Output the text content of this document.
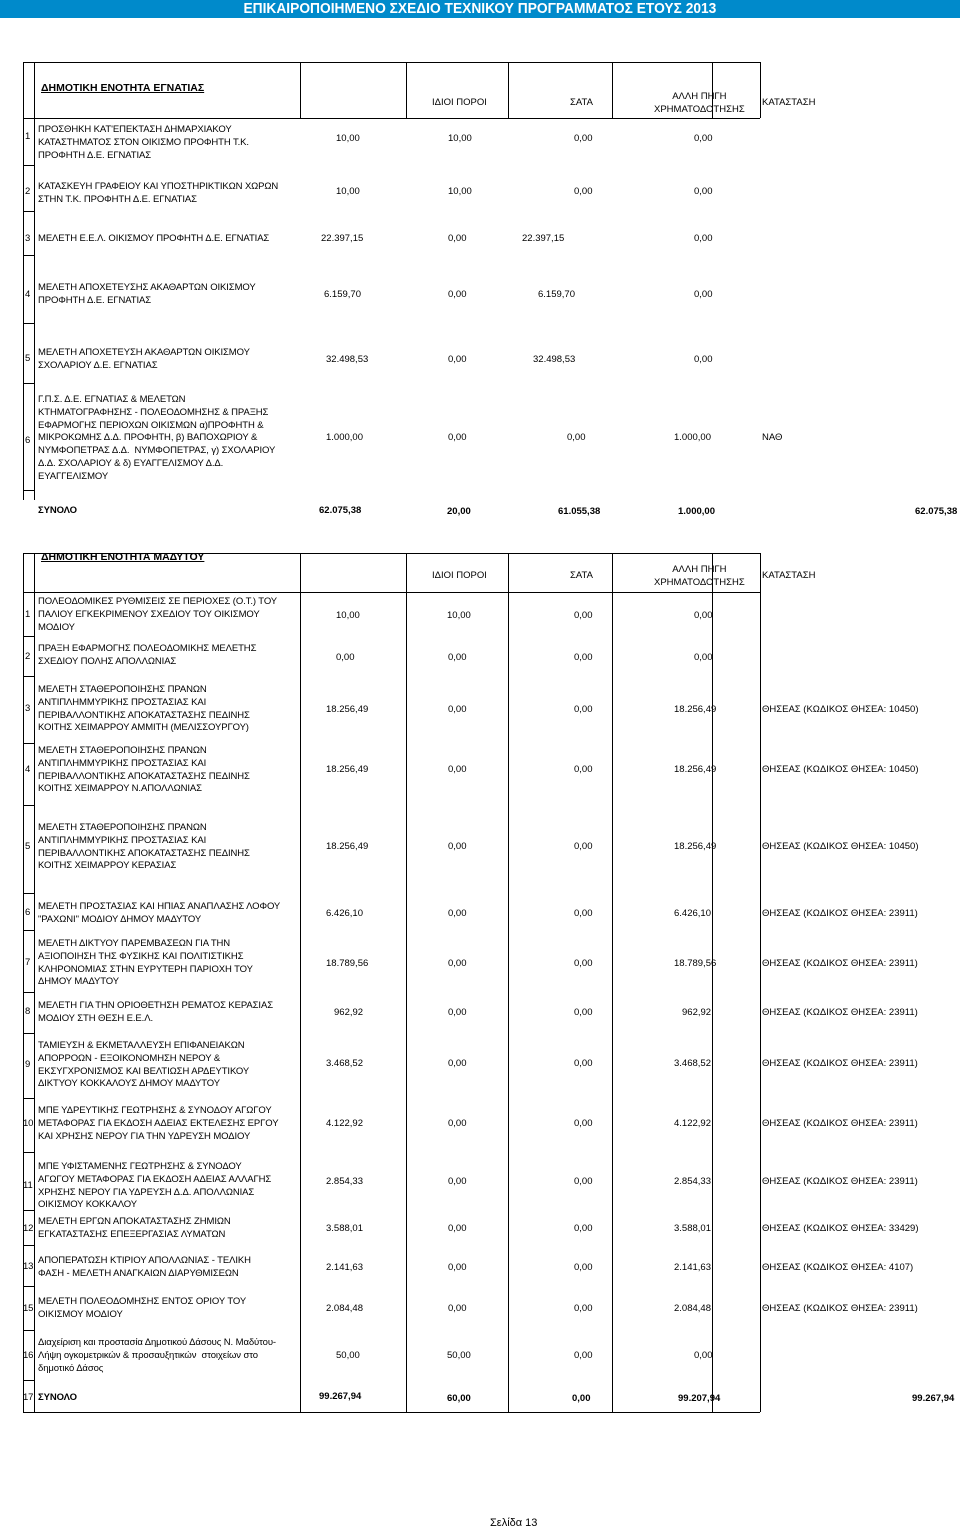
ΕΠΙΚΑΙΡΟΠΟΙΗΜΕΝΟ ΣΧΕΔΙΟ ΤΕΧΝΙΚΟΥ ΠΡΟΓΡΑΜΜΑΤΟΣ ΕΤΟΥΣ 2013
ΔΗΜΟΤΙΚΗ ΕΝΟΤΗΤΑ ΕΓΝΑΤΙΑΣ
ΙΔΙΟΙ ΠΟΡΟΙ	ΣΑΤΑ
ΑΛΛΗ ΠΗΓΗ
ΧΡΗΜΑΤΟΔΟΤΗΣΗΣ
ΚΑΤΑΣΤΑΣΗ
1
ΠΡΟΣΘΗΚΗ ΚΑΤ'ΕΠΕΚΤΑΣΗ ΔΗΜΑΡΧΙΑΚΟΥ
ΚΑΤΑΣΤΗΜΑΤΟΣ ΣΤΟΝ ΟΙΚΙΣΜΟ ΠΡΟΦΗΤΗ Τ.Κ.
ΠΡΟΦΗΤΗ Δ.Ε. ΕΓΝΑΤΙΑΣ
10,00	10,00	0,00	0,00
2 ΚΑΤΑΣΚΕΥΗ ΓΡΑΦΕΙΟΥ ΚΑΙ ΥΠΟΣΤΗΡΙΚΤΙΚΩΝ ΧΩΡΩΝ
ΣΤΗΝ Τ.Κ. ΠΡΟΦΗΤΗ Δ.Ε. ΕΓΝΑΤΙΑΣ
10,00	10,00	0,00	0,00
3 ΜΕΛΕΤΗ Ε.Ε.Λ. ΟΙΚΙΣΜΟΥ ΠΡΟΦΗΤΗ Δ.Ε. ΕΓΝΑΤΙΑΣ	22.397,15	0,00	22.397,15	0,00
4
ΜΕΛΕΤΗ ΑΠΟΧΕΤΕΥΣΗΣ ΑΚΑΘΑΡΤΩΝ ΟΙΚΙΣΜΟΥ
ΠΡΟΦΗΤΗ Δ.Ε. ΕΓΝΑΤΙΑΣ
6.159,70	0,00	6.159,70	0,00
5
ΜΕΛΕΤΗ ΑΠΟΧΕΤΕΥΣΗ ΑΚΑΘΑΡΤΩΝ ΟΙΚΙΣΜΟΥ
ΣΧΟΛΑΡΙΟΥ Δ.Ε. ΕΓΝΑΤΙΑΣ
32.498,53	0,00	32.498,53	0,00
6
Γ.Π.Σ. Δ.Ε. ΕΓΝΑΤΙΑΣ & ΜΕΛΕΤΩΝ
ΚΤΗΜΑΤΟΓΡΑΦΗΣΗΣ - ΠΟΛΕΟΔΟΜΗΣΗΣ & ΠΡΑΞΗΣ
ΕΦΑΡΜΟΓΗΣ ΠΕΡΙΟΧΩΝ ΟΙΚΙΣΜΩΝ α)ΠΡΟΦΗΤΗ &
ΜΙΚΡΟΚΩΜΗΣ Δ.Δ. ΠΡΟΦΗΤΗ, β) ΒΑΠΟΧΩΡΙΟΥ &
ΝΥΜΦΟΠΕΤΡΑΣ Δ.Δ.  ΝΥΜΦΟΠΕΤΡΑΣ, γ) ΣΧΟΛΑΡΙΟΥ
Δ.Δ. ΣΧΟΛΑΡΙΟΥ & δ) ΕΥΑΓΓΕΛΙΣΜΟΥ Δ.Δ.
ΕΥΑΓΓΕΛΙΣΜΟΥ
1.000,00	0,00	0,00	1.000,00	ΝΑΘ
ΣΥΝΟΛΟ	62.075,38	20,00	61.055,38	1.000,00	62.075,38
ΔΗΜΟΤΙΚΗ ΕΝΟΤΗΤΑ ΜΑΔΥΤΟΥ
ΙΔΙΟΙ ΠΟΡΟΙ	ΣΑΤΑ
ΑΛΛΗ ΠΗΓΗ
ΧΡΗΜΑΤΟΔΟΤΗΣΗΣ
ΚΑΤΑΣΤΑΣΗ
1
ΠΟΛΕΟΔΟΜΙΚΕΣ ΡΥΘΜΙΣΕΙΣ ΣΕ ΠΕΡΙΟΧΕΣ (Ο.Τ.) ΤΟΥ
ΠΑΛΙΟΥ ΕΓΚΕΚΡΙΜΕΝΟΥ ΣΧΕΔΙΟΥ ΤΟΥ ΟΙΚΙΣΜΟΥ
ΜΟΔΙΟΥ
10,00	10,00	0,00	0,00
2
ΠΡΑΞΗ ΕΦΑΡΜΟΓΗΣ ΠΟΛΕΟΔΟΜΙΚΗΣ ΜΕΛΕΤΗΣ
ΣΧΕΔΙΟΥ ΠΟΛΗΣ ΑΠΟΛΛΩΝΙΑΣ	0,00	0,00	0,00	0,00
3
ΜΕΛΕΤΗ ΣΤΑΘΕΡΟΠΟΙΗΣΗΣ ΠΡΑΝΩΝ
ΑΝΤΙΠΛΗΜΜΥΡΙΚΗΣ ΠΡΟΣΤΑΣΙΑΣ ΚΑΙ
ΠΕΡΙΒΑΛΛΟΝΤΙΚΗΣ ΑΠΟΚΑΤΑΣΤΑΣΗΣ ΠΕΔΙΝΗΣ
ΚΟΙΤΗΣ ΧΕΙΜΑΡΡΟΥ ΑΜΜΙΤΗ (ΜΕΛΙΣΣΟΥΡΓΟΥ)
18.256,49	0,00	0,00	18.256,49	ΘΗΣΕΑΣ (ΚΩΔΙΚΟΣ ΘΗΣΕΑ: 10450)
4
ΜΕΛΕΤΗ ΣΤΑΘΕΡΟΠΟΙΗΣΗΣ ΠΡΑΝΩΝ
ΑΝΤΙΠΛΗΜΜΥΡΙΚΗΣ ΠΡΟΣΤΑΣΙΑΣ ΚΑΙ
ΠΕΡΙΒΑΛΛΟΝΤΙΚΗΣ ΑΠΟΚΑΤΑΣΤΑΣΗΣ ΠΕΔΙΝΗΣ
ΚΟΙΤΗΣ ΧΕΙΜΑΡΡΟΥ Ν.ΑΠΟΛΛΩΝΙΑΣ
18.256,49	0,00	0,00	18.256,49	ΘΗΣΕΑΣ (ΚΩΔΙΚΟΣ ΘΗΣΕΑ: 10450)
5
ΜΕΛΕΤΗ ΣΤΑΘΕΡΟΠΟΙΗΣΗΣ ΠΡΑΝΩΝ
ΑΝΤΙΠΛΗΜΜΥΡΙΚΗΣ ΠΡΟΣΤΑΣΙΑΣ ΚΑΙ
ΠΕΡΙΒΑΛΛΟΝΤΙΚΗΣ ΑΠΟΚΑΤΑΣΤΑΣΗΣ ΠΕΔΙΝΗΣ
ΚΟΙΤΗΣ ΧΕΙΜΑΡΡΟΥ ΚΕΡΑΣΙΑΣ
18.256,49	0,00	0,00	18.256,49	ΘΗΣΕΑΣ (ΚΩΔΙΚΟΣ ΘΗΣΕΑ: 10450)
6
ΜΕΛΕΤΗ ΠΡΟΣΤΑΣΙΑΣ ΚΑΙ ΗΠΙΑΣ ΑΝΑΠΛΑΣΗΣ ΛΟΦΟΥ
"ΡΑΧΩΝΙ" ΜΟΔΙΟΥ ΔΗΜΟΥ ΜΑΔΥΤΟΥ
6.426,10	0,00	0,00	6.426,10	ΘΗΣΕΑΣ (ΚΩΔΙΚΟΣ ΘΗΣΕΑ: 23911)
7
ΜΕΛΕΤΗ ΔΙΚΤΥΟΥ ΠΑΡΕΜΒΑΣΕΩΝ ΓΙΑ ΤΗΝ
ΑΞΙΟΠΟΙΗΣΗ ΤΗΣ ΦΥΣΙΚΗΣ ΚΑΙ ΠΟΛΙΤΙΣΤΙΚΗΣ
ΚΛΗΡΟΝΟΜΙΑΣ ΣΤΗΝ ΕΥΡΥΤΕΡΗ ΠΑΡΙΟΧΗ ΤΟΥ
ΔΗΜΟΥ ΜΑΔΥΤΟΥ
18.789,56	0,00	0,00	18.789,56	ΘΗΣΕΑΣ (ΚΩΔΙΚΟΣ ΘΗΣΕΑ: 23911)
8
ΜΕΛΕΤΗ ΓΙΑ ΤΗΝ ΟΡΙΟΘΕΤΗΣΗ ΡΕΜΑΤΟΣ ΚΕΡΑΣΙΑΣ
ΜΟΔΙΟΥ ΣΤΗ ΘΕΣΗ Ε.Ε.Λ.
962,92	0,00	0,00	962,92	ΘΗΣΕΑΣ (ΚΩΔΙΚΟΣ ΘΗΣΕΑ: 23911)
9
ΤΑΜΙΕΥΣΗ & ΕΚΜΕΤΑΛΛΕΥΣΗ ΕΠΙΦΑΝΕΙΑΚΩΝ
ΑΠΟΡΡΟΩΝ - ΕΞΟΙΚΟΝΟΜΗΣΗ ΝΕΡΟΥ &
ΕΚΣΥΓΧΡΟΝΙΣΜΟΣ ΚΑΙ ΒΕΛΤΙΩΣΗ ΑΡΔΕΥΤΙΚΟΥ
ΔΙΚΤΥΟΥ ΚΟΚΚΑΛΟΥΣ ΔΗΜΟΥ ΜΑΔΥΤΟΥ
3.468,52	0,00	0,00	3.468,52	ΘΗΣΕΑΣ (ΚΩΔΙΚΟΣ ΘΗΣΕΑ: 23911)
10
ΜΠΕ ΥΔΡΕΥΤΙΚΗΣ ΓΕΩΤΡΗΣΗΣ & ΣΥΝΟΔΟΥ ΑΓΩΓΟΥ
ΜΕΤΑΦΟΡΑΣ ΓΙΑ ΕΚΔΟΣΗ ΑΔΕΙΑΣ ΕΚΤΕΛΕΣΗΣ ΕΡΓΟΥ
ΚΑΙ ΧΡΗΣΗΣ ΝΕΡΟΥ ΓΙΑ ΤΗΝ ΥΔΡΕΥΣΗ ΜΟΔΙΟΥ
4.122,92	0,00	0,00	4.122,92	ΘΗΣΕΑΣ (ΚΩΔΙΚΟΣ ΘΗΣΕΑ: 23911)
11
ΜΠΕ ΥΦΙΣΤΑΜΕΝΗΣ ΓΕΩΤΡΗΣΗΣ & ΣΥΝΟΔΟΥ
ΑΓΩΓΟΥ ΜΕΤΑΦΟΡΑΣ ΓΙΑ ΕΚΔΟΣΗ ΑΔΕΙΑΣ ΑΛΛΑΓΗΣ
ΧΡΗΣΗΣ ΝΕΡΟΥ ΓΙΑ ΥΔΡΕΥΣΗ Δ.Δ. ΑΠΟΛΛΩΝΙΑΣ
ΟΙΚΙΣΜΟΥ ΚΟΚΚΑΛΟΥ
2.854,33	0,00	0,00	2.854,33	ΘΗΣΕΑΣ (ΚΩΔΙΚΟΣ ΘΗΣΕΑ: 23911)
12
ΜΕΛΕΤΗ ΕΡΓΩΝ ΑΠΟΚΑΤΑΣΤΑΣΗΣ ΖΗΜΙΩΝ
ΕΓΚΑΤΑΣΤΑΣΗΣ ΕΠΕΞΕΡΓΑΣΙΑΣ ΛΥΜΑΤΩΝ
3.588,01	0,00	0,00	3.588,01	ΘΗΣΕΑΣ (ΚΩΔΙΚΟΣ ΘΗΣΕΑ: 33429)
13
ΑΠΟΠΕΡΑΤΩΣΗ ΚΤΙΡΙΟΥ ΑΠΟΛΛΩΝΙΑΣ - ΤΕΛΙΚΗ
ΦΑΣΗ - ΜΕΛΕΤΗ ΑΝΑΓΚΑΙΩΝ ΔΙΑΡΥΘΜΙΣΕΩΝ
2.141,63	0,00	0,00	2.141,63	ΘΗΣΕΑΣ (ΚΩΔΙΚΟΣ ΘΗΣΕΑ: 4107)
15
ΜΕΛΕΤΗ ΠΟΛΕΟΔΟΜΗΣΗΣ ΕΝΤΟΣ ΟΡΙΟΥ ΤΟΥ
ΟΙΚΙΣΜΟΥ ΜΟΔΙΟΥ
2.084,48	0,00	0,00	2.084,48	ΘΗΣΕΑΣ (ΚΩΔΙΚΟΣ ΘΗΣΕΑ: 23911)
16
Διαχείριση και προστασία Δημοτικού Δάσους Ν. Μαδύτου-
Λήψη ογκομετρικών & προσαυξητικών  στοιχείων στο
δημοτικό Δάσος
50,00	50,00	0,00	0,00
17 ΣΥΝΟΛΟ	99.267,94	60,00	0,00	99.207,94	99.267,94
Σελίδα 13
